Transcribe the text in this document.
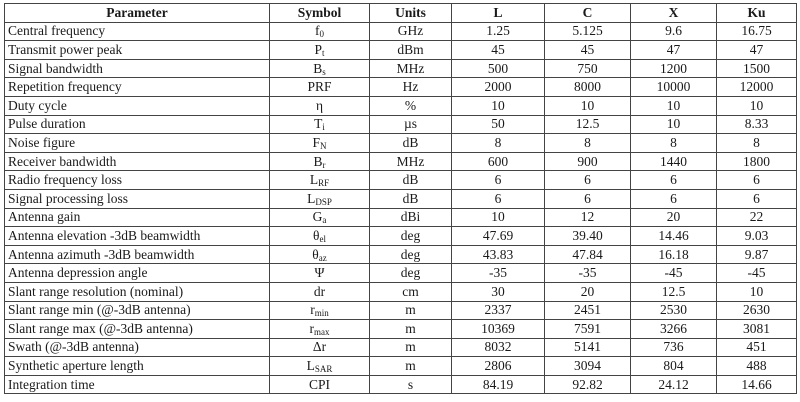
Parameter	Symbol	Units	L	C	X	Ku
Central frequency	$f_0$	GHz	1.25	5.125	9.6	16.75
Transmit power peak	$P_t$	dBm	45	45	47	47
Signal bandwidth	$B_s$	MHz	500	750	1200	1500
Repetition frequency	PRF	Hz	2000	8000	10000	12000
Duty cycle	η	%	10	10	10	10
Pulse duration	$T_i$	µs	50	12.5	10	8.33
Noise figure	$F_N$	dB	8	8	8	8
Receiver bandwidth	$B_r$	MHz	600	900	1440	1800
Radio frequency loss	$L_{RF}$	dB	6	6	6	6
Signal processing loss	$L_{DSP}$	dB	6	6	6	6
Antenna gain	$G_a$	dBi	10	12	20	22
Antenna elevation -3dB beamwidth	$\theta_{el}$	deg	47.69	39.40	14.46	9.03
Antenna azimuth -3dB beamwidth	$\theta_{az}$	deg	43.83	47.84	16.18	9.87
Antenna depression angle	Ψ	deg	-35	-35	-45	-45
Slant range resolution (nominal)	dr	cm	30	20	12.5	10
Slant range min (@-3dB antenna)	$r_{min}$	m	2337	2451	2530	2630
Slant range max (@-3dB antenna)	$r_{max}$	m	10369	7591	3266	3081
Swath (@-3dB antenna)	Δr	m	8032	5141	736	451
Synthetic aperture length	$L_{SAR}$	m	2806	3094	804	488
Integration time	CPI	s	84.19	92.82	24.12	14.66
